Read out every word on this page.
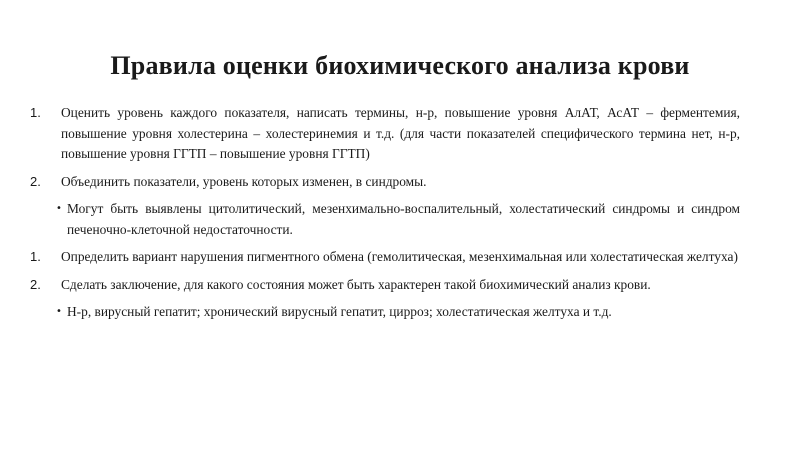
Правила оценки биохимического анализа крови

1. Оценить уровень каждого показателя, написать термины, н-р, повышение уровня АлАТ, АсАТ – ферментемия, повышение уровня холестерина – холестеринемия и т.д. (для части показателей специфического термина нет, н-р, повышение уровня ГГТП – повышение уровня ГГТП)

2. Объединить показатели, уровень которых изменен, в синдромы.

• Могут быть выявлены цитолитический, мезенхимально-воспалительный, холестатический синдромы и синдром печеночно-клеточной недостаточности.

1. Определить вариант нарушения пигментного обмена (гемолитическая, мезенхимальная или холестатическая желтуха)

2. Сделать заключение, для какого состояния может быть характерен такой биохимический анализ крови.

• Н-р, вирусный гепатит; хронический вирусный гепатит, цирроз; холестатическая желтуха и т.д.
